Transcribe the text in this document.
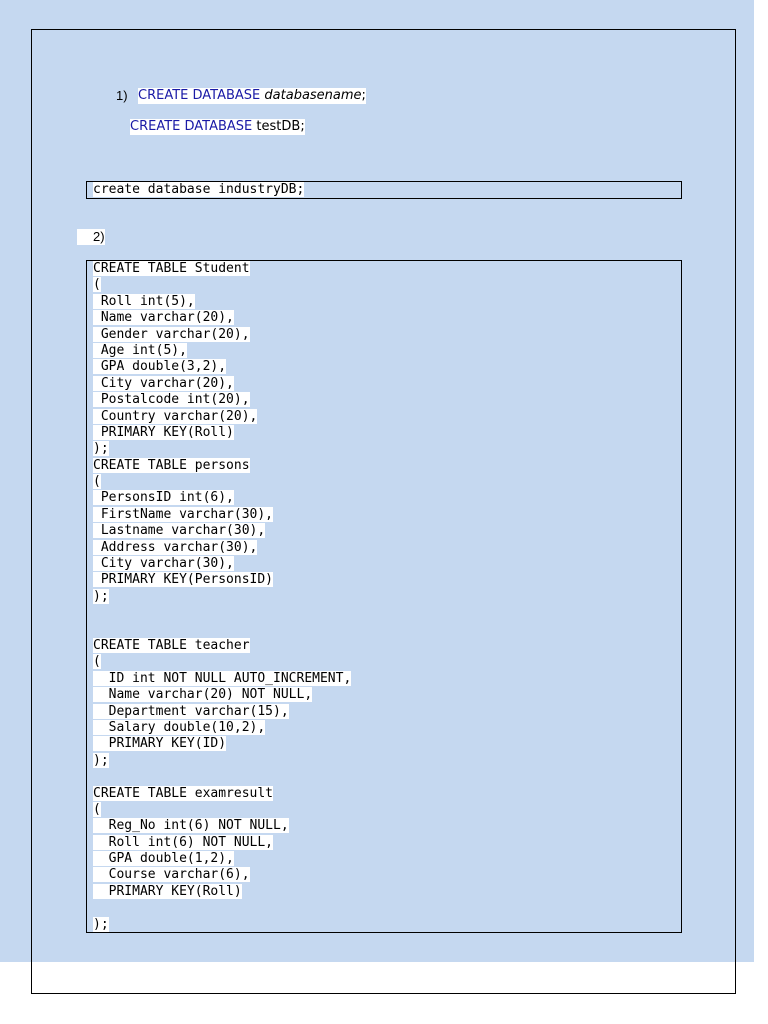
1) CREATE DATABASE databasename;
CREATE DATABASE testDB;
create database industryDB;
2)
CREATE TABLE Student
(
Roll int(5),
Name varchar(20),
Gender varchar(20),
Age int(5),
GPA double(3,2),
City varchar(20),
Postalcode int(20),
Country varchar(20),
PRIMARY KEY(Roll)
);
CREATE TABLE persons
(
PersonsID int(6),
FirstName varchar(30),
Lastname varchar(30),
Address varchar(30),
City varchar(30),
PRIMARY KEY(PersonsID)
);
CREATE TABLE teacher
(
ID int NOT NULL AUTO_INCREMENT,
Name varchar(20) NOT NULL,
Department varchar(15),
Salary double(10,2),
PRIMARY KEY(ID)
);
CREATE TABLE examresult
(
Reg_No int(6) NOT NULL,
Roll int(6) NOT NULL,
GPA double(1,2),
Course varchar(6),
PRIMARY KEY(Roll)
);
